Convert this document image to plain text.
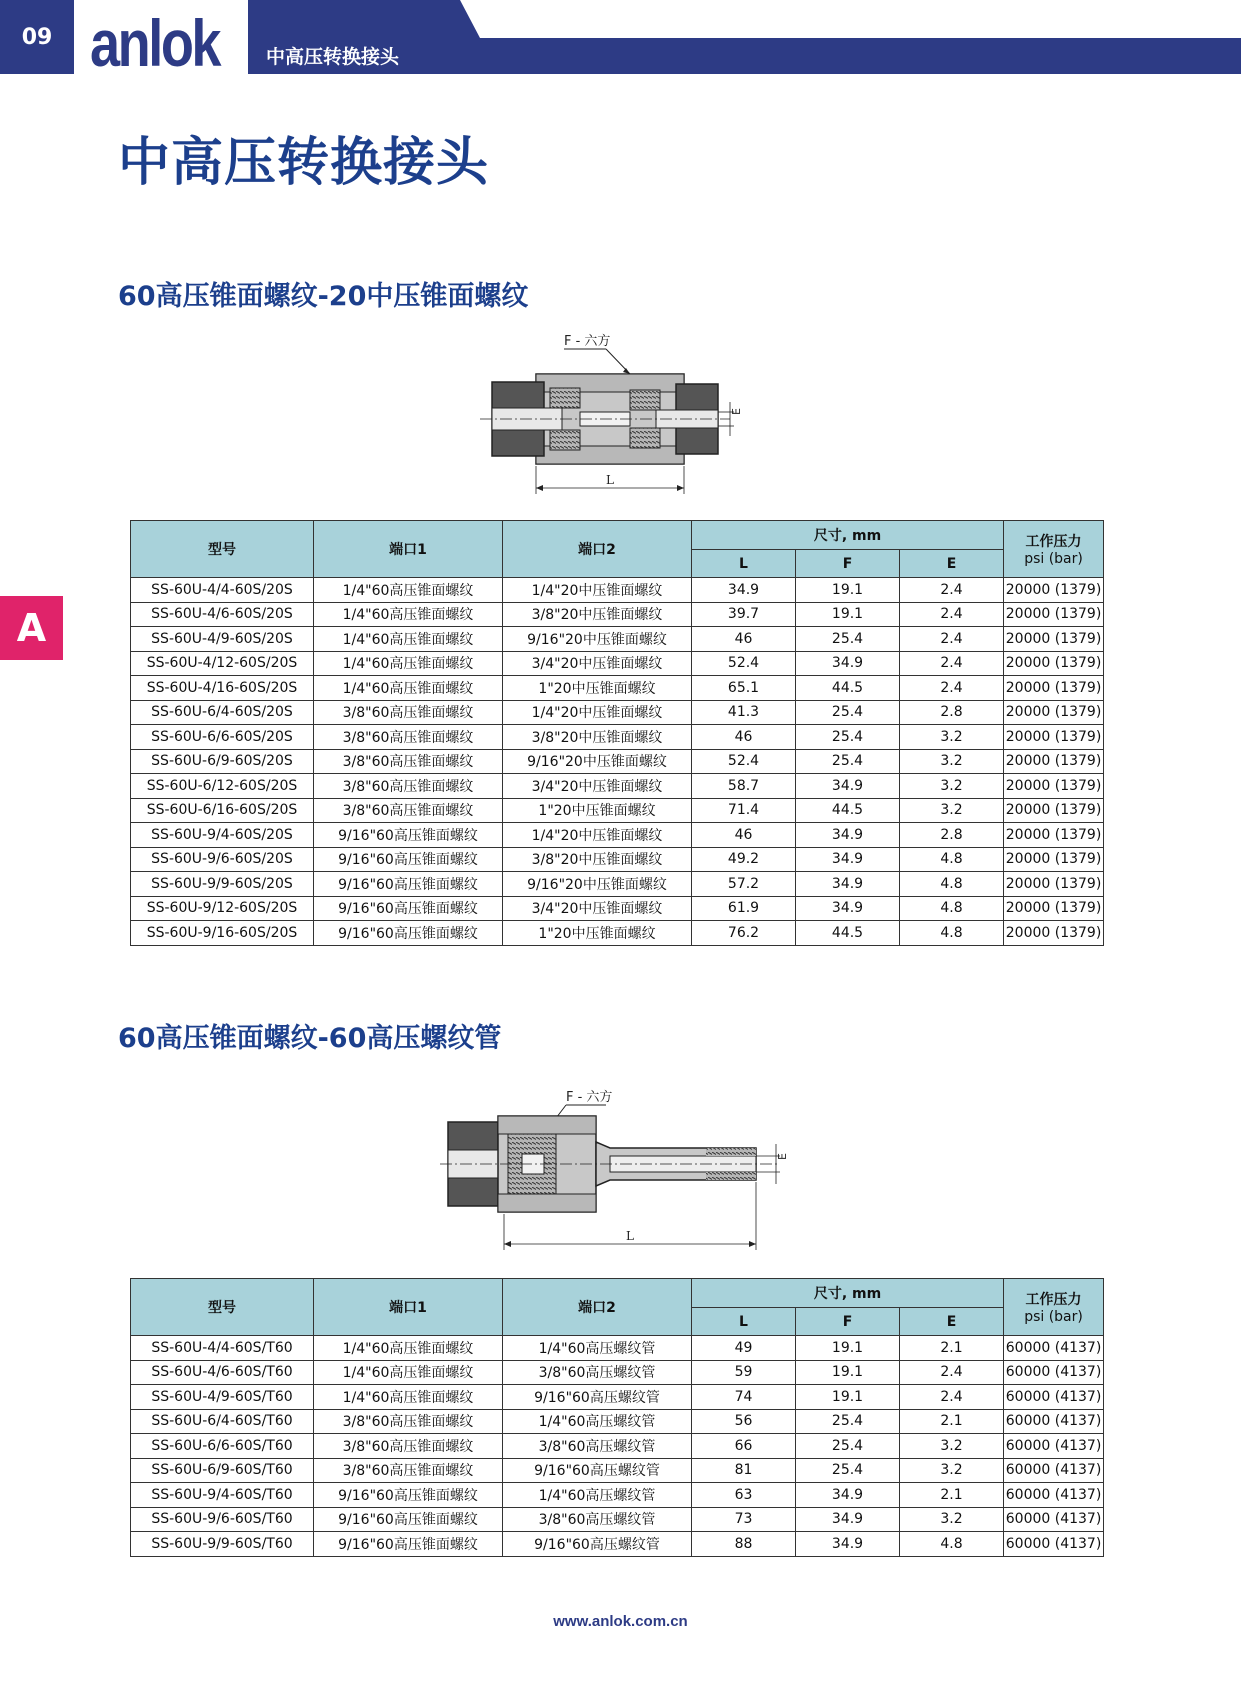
09 anlok 中高压转换接头
中高压转换接头
A
60高压锥面螺纹-20中压锥面螺纹
F - 六方
E
L
型号	端口1	端口2	尺寸, mm			工作压力
psi (bar)

			L	F	E	
SS-60U-4/4-60S/20S	1/4"60高压锥面螺纹	1/4"20中压锥面螺纹	34.9	19.1	2.4	20000 (1379)
SS-60U-4/6-60S/20S	1/4"60高压锥面螺纹	3/8"20中压锥面螺纹	39.7	19.1	2.4	20000 (1379)
SS-60U-4/9-60S/20S	1/4"60高压锥面螺纹	9/16"20中压锥面螺纹	46	25.4	2.4	20000 (1379)
SS-60U-4/12-60S/20S	1/4"60高压锥面螺纹	3/4"20中压锥面螺纹	52.4	34.9	2.4	20000 (1379)
SS-60U-4/16-60S/20S	1/4"60高压锥面螺纹	1"20中压锥面螺纹	65.1	44.5	2.4	20000 (1379)
SS-60U-6/4-60S/20S	3/8"60高压锥面螺纹	1/4"20中压锥面螺纹	41.3	25.4	2.8	20000 (1379)
SS-60U-6/6-60S/20S	3/8"60高压锥面螺纹	3/8"20中压锥面螺纹	46	25.4	3.2	20000 (1379)
SS-60U-6/9-60S/20S	3/8"60高压锥面螺纹	9/16"20中压锥面螺纹	52.4	25.4	3.2	20000 (1379)
SS-60U-6/12-60S/20S	3/8"60高压锥面螺纹	3/4"20中压锥面螺纹	58.7	34.9	3.2	20000 (1379)
SS-60U-6/16-60S/20S	3/8"60高压锥面螺纹	1"20中压锥面螺纹	71.4	44.5	3.2	20000 (1379)
SS-60U-9/4-60S/20S	9/16"60高压锥面螺纹	1/4"20中压锥面螺纹	46	34.9	2.8	20000 (1379)
SS-60U-9/6-60S/20S	9/16"60高压锥面螺纹	3/8"20中压锥面螺纹	49.2	34.9	4.8	20000 (1379)
SS-60U-9/9-60S/20S	9/16"60高压锥面螺纹	9/16"20中压锥面螺纹	57.2	34.9	4.8	20000 (1379)
SS-60U-9/12-60S/20S	9/16"60高压锥面螺纹	3/4"20中压锥面螺纹	61.9	34.9	4.8	20000 (1379)
SS-60U-9/16-60S/20S	9/16"60高压锥面螺纹	1"20中压锥面螺纹	76.2	44.5	4.8	20000 (1379)
60高压锥面螺纹-60高压螺纹管
F - 六方
E
L
型号	端口1	端口2	尺寸, mm			工作压力
psi (bar)

			L	F	E	
SS-60U-4/4-60S/T60	1/4"60高压锥面螺纹	1/4"60高压螺纹管	49	19.1	2.1	60000 (4137)
SS-60U-4/6-60S/T60	1/4"60高压锥面螺纹	3/8"60高压螺纹管	59	19.1	2.4	60000 (4137)
SS-60U-4/9-60S/T60	1/4"60高压锥面螺纹	9/16"60高压螺纹管	74	19.1	2.4	60000 (4137)
SS-60U-6/4-60S/T60	3/8"60高压锥面螺纹	1/4"60高压螺纹管	56	25.4	2.1	60000 (4137)
SS-60U-6/6-60S/T60	3/8"60高压锥面螺纹	3/8"60高压螺纹管	66	25.4	3.2	60000 (4137)
SS-60U-6/9-60S/T60	3/8"60高压锥面螺纹	9/16"60高压螺纹管	81	25.4	3.2	60000 (4137)
SS-60U-9/4-60S/T60	9/16"60高压锥面螺纹	1/4"60高压螺纹管	63	34.9	2.1	60000 (4137)
SS-60U-9/6-60S/T60	9/16"60高压锥面螺纹	3/8"60高压螺纹管	73	34.9	3.2	60000 (4137)
SS-60U-9/9-60S/T60	9/16"60高压锥面螺纹	9/16"60高压螺纹管	88	34.9	4.8	60000 (4137)
www.anlok.com.cn
